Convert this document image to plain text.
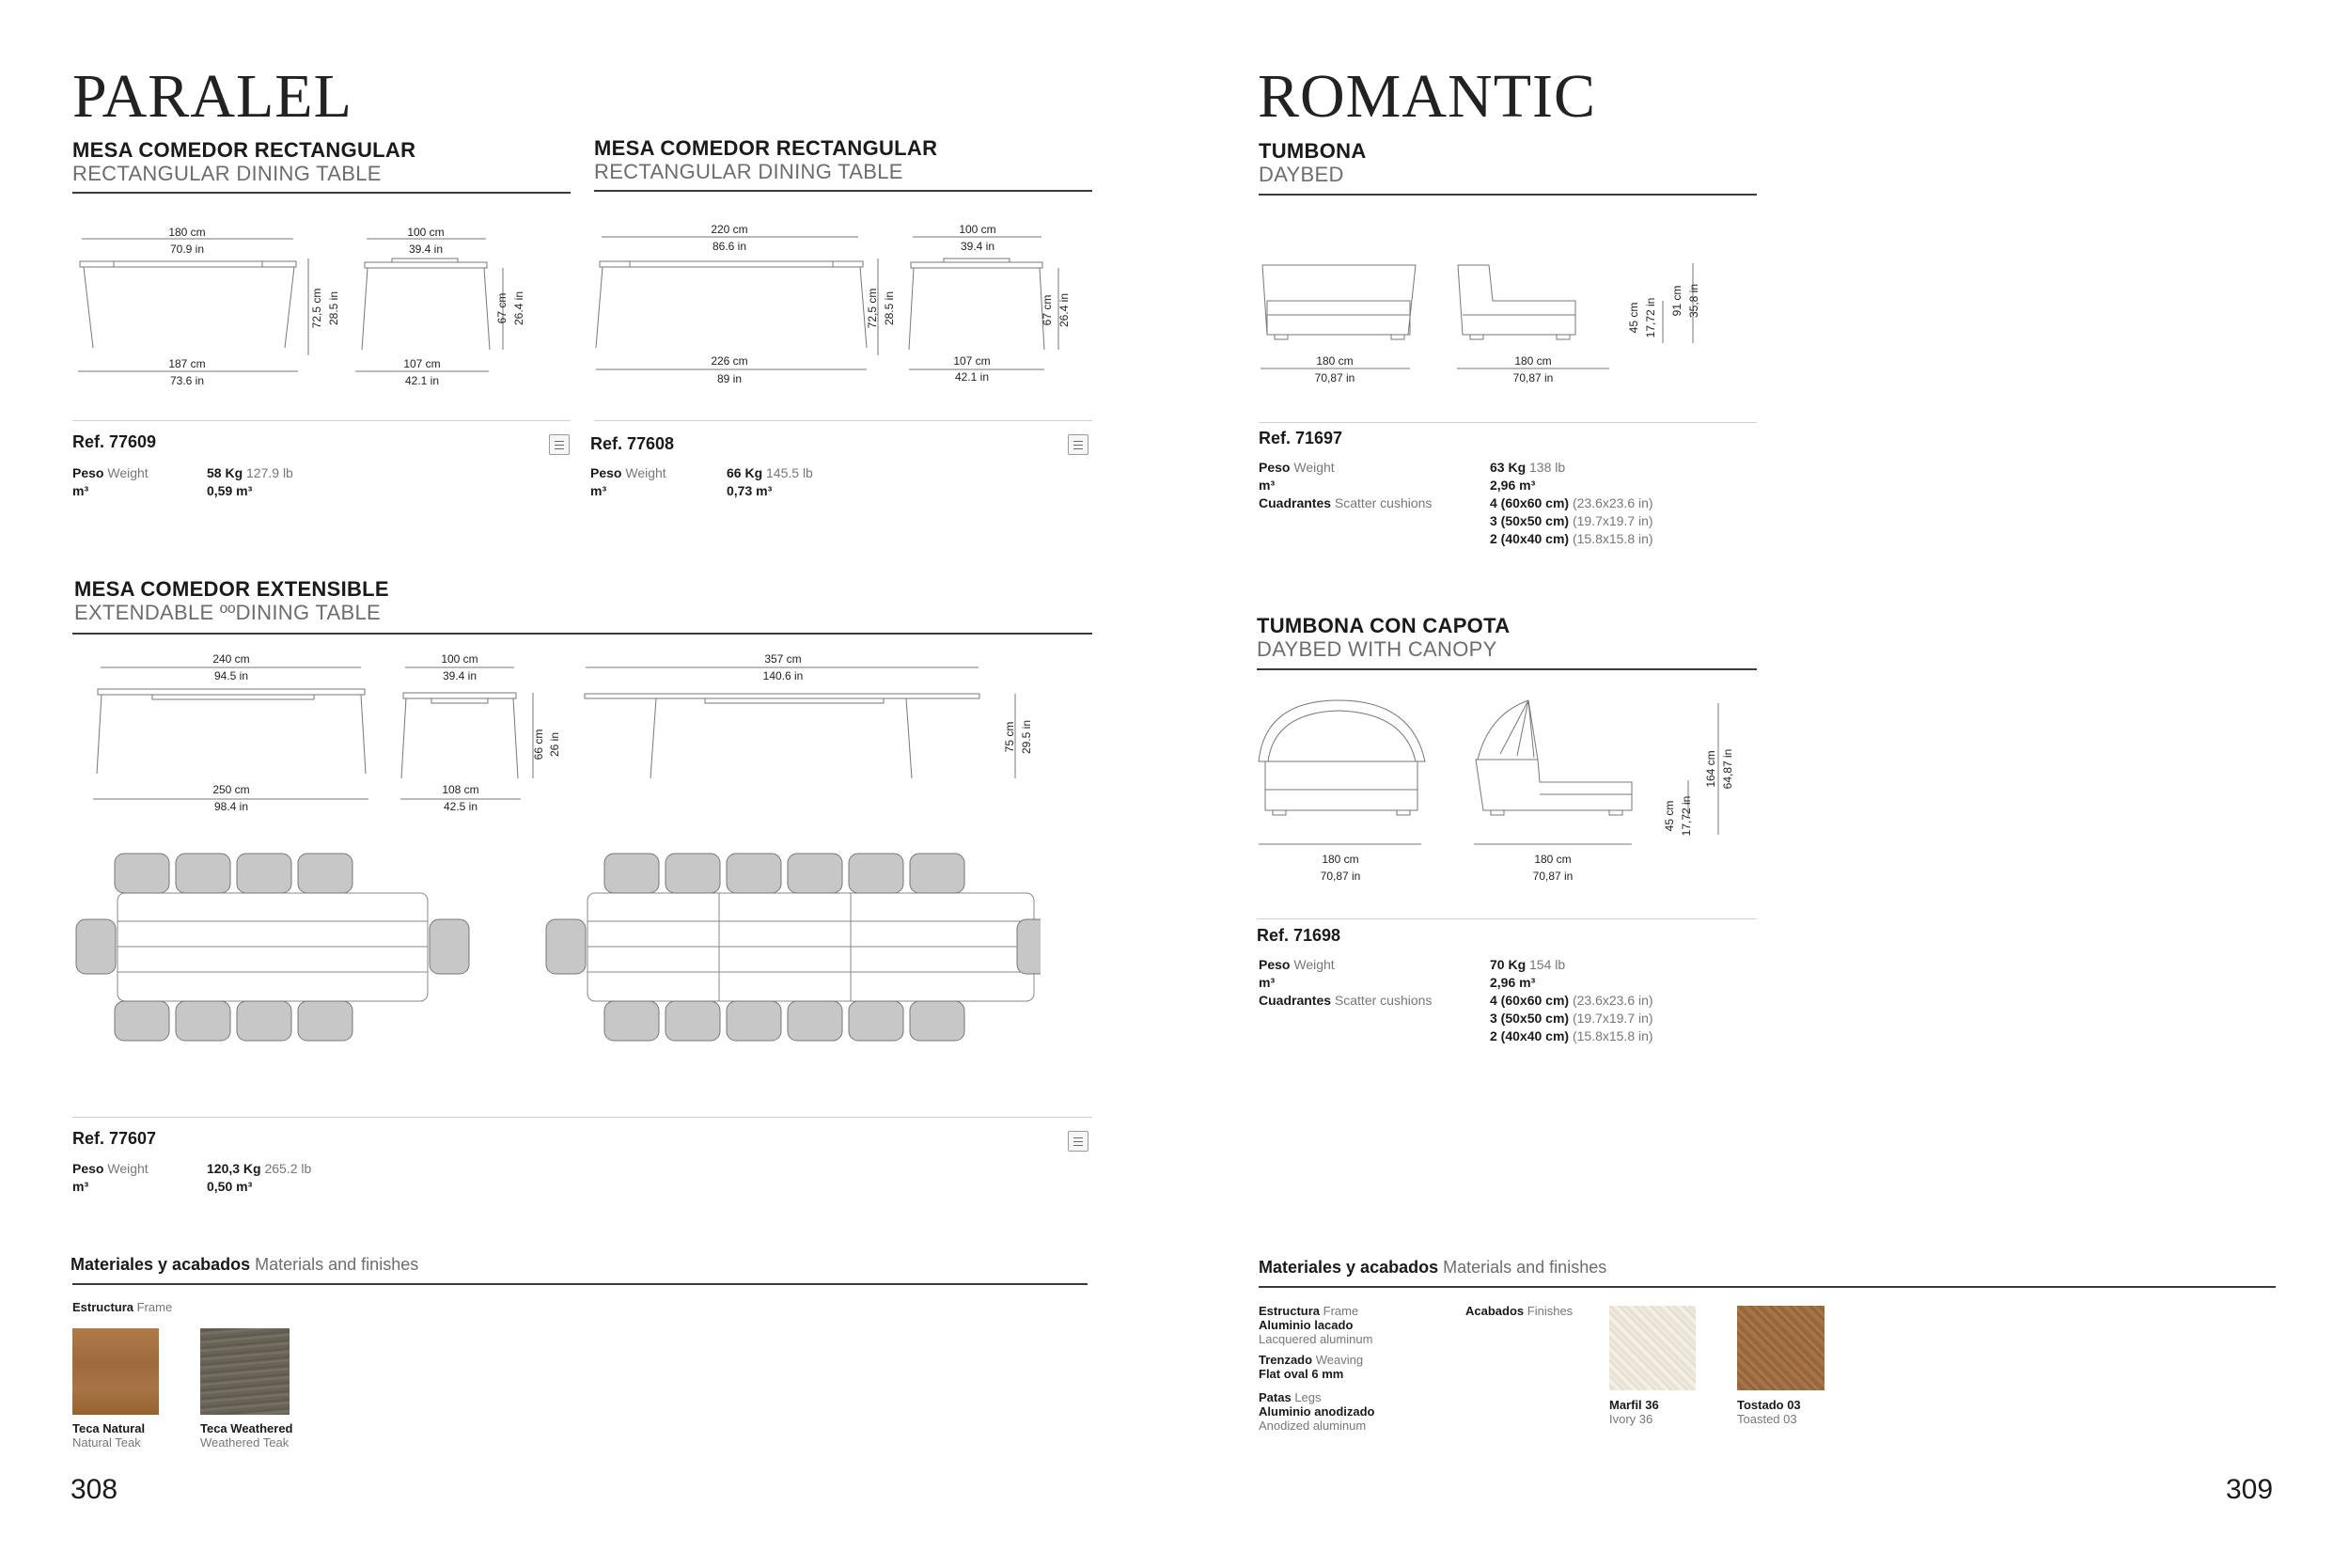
PARALEL
MESA COMEDOR RECTANGULAR
RECTANGULAR DINING TABLE
180 cm
70.9 in
187 cm
73.6 in
100 cm
39.4 in
107 cm
42.1 in
72,5 cm 28.5 in	67 cm 26.4 in
Ref. 77609
Peso Weight
m³
58 Kg 127.9 lb
0,59 m³
MESA COMEDOR RECTANGULAR
RECTANGULAR DINING TABLE
220 cm
86.6 in
226 cm
89 in
100 cm
39.4 in
107 cm
42.1 in
72,5 cm 28.5 in	67 cm 26.4 in
Ref. 77608
Peso Weight
m³
66 Kg 145.5 lb
0,73 m³
MESA COMEDOR EXTENSIBLE
EXTENDABLE ººDINING TABLE
240 cm
94.5 in
250 cm
98.4 in
100 cm
39.4 in
108 cm
42.5 in
66 cm 26 in
357 cm
140.6 in
75 cm 29.5 in
Ref. 77607
Peso Weight
m³
120,3 Kg 265.2 lb
0,50 m³
Materiales y acabados Materials and finishes
Estructura Frame
Teca Natural
Natural Teak
Teca Weathered
Weathered Teak
308
ROMANTIC
TUMBONA
DAYBED
180 cm
70,87 in
180 cm
70,87 in
45 cm 17,72 in 91 cm 35,8 in
Ref. 71697
Peso Weight
m³
Cuadrantes Scatter cushions
63 Kg 138 lb
2,96 m³
4 (60x60 cm) (23.6x23.6 in)
3 (50x50 cm) (19.7x19.7 in)
2 (40x40 cm) (15.8x15.8 in)
TUMBONA CON CAPOTA
DAYBED WITH CANOPY
180 cm
70,87 in
180 cm
70,87 in
45 cm 17,72 in
164 cm 64,87 in
Ref. 71698
Peso Weight
m³
Cuadrantes Scatter cushions
70 Kg 154 lb
2,96 m³
4 (60x60 cm) (23.6x23.6 in)
3 (50x50 cm) (19.7x19.7 in)
2 (40x40 cm) (15.8x15.8 in)
Materiales y acabados Materials and finishes
Estructura Frame
Aluminio lacado
Lacquered aluminum
Trenzado Weaving
Flat oval 6 mm
Patas Legs
Aluminio anodizado
Anodized aluminum
Acabados Finishes
Marfil 36
Ivory 36
Tostado 03
Toasted 03
309
